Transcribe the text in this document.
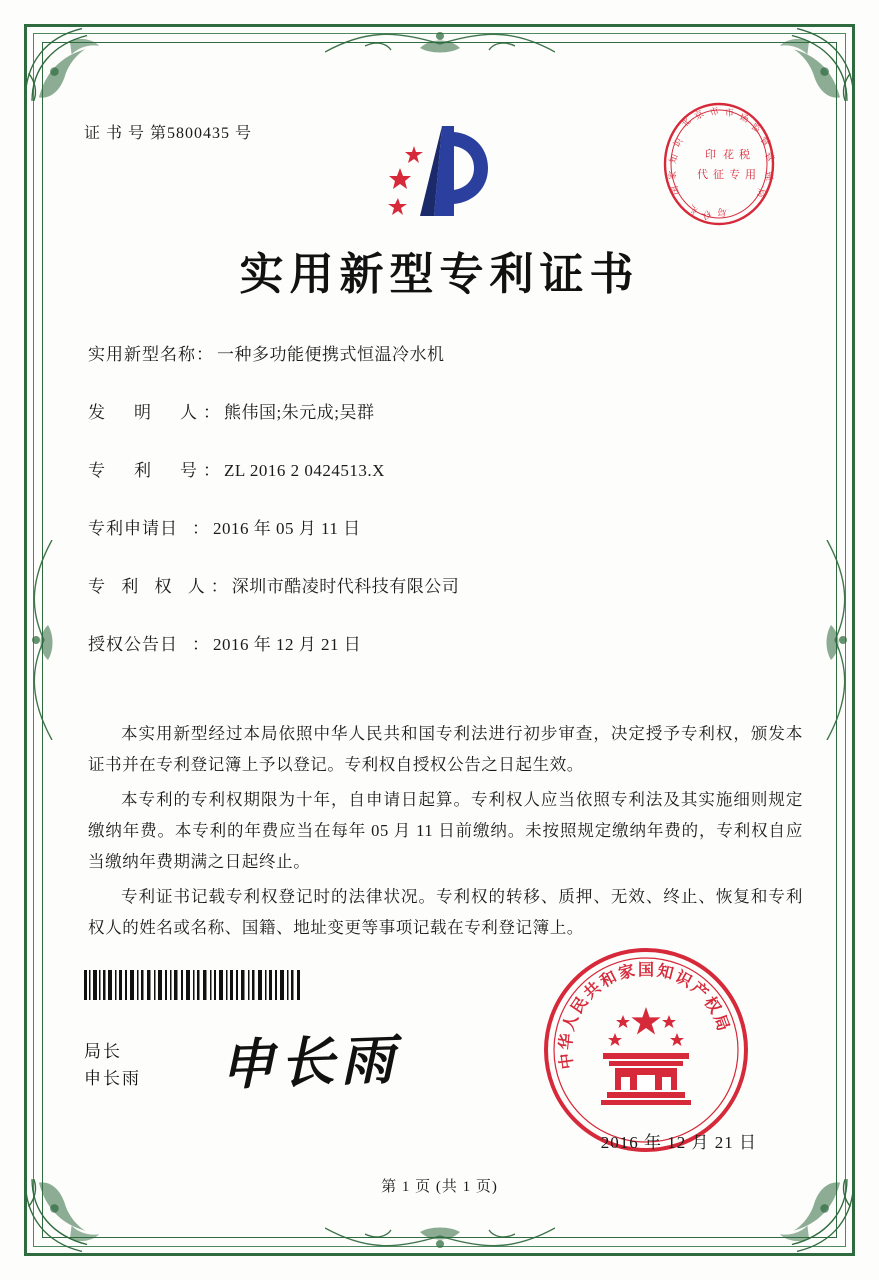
证 书 号 第5800435 号
北
京 市 市 场
监
督
管
理
局
国
家
知
识
产 权 局
印 花 税
代 征 专 用
实用新型专利证书
实用新型名称： 一种多功能便携式恒温冷水机
发　明　人： 熊伟国;朱元成;吴群
专　利　号： ZL 2016 2 0424513.X
专利申请日 ： 2016 年 05 月 11 日
专 利 权 人： 深圳市酷凌时代科技有限公司
授权公告日 ： 2016 年 12 月 21 日

本实用新型经过本局依照中华人民共和国专利法进行初步审查，决定授予专利权，颁发本证书并在专利登记簿上予以登记。专利权自授权公告之日起生效。

本专利的专利权期限为十年，自申请日起算。专利权人应当依照专利法及其实施细则规定缴纳年费。本专利的年费应当在每年 05 月 11 日前缴纳。未按照规定缴纳年费的，专利权自应当缴纳年费期满之日起终止。

专利证书记载专利权登记时的法律状况。专利权的转移、质押、无效、终止、恢复和专利权人的姓名或名称、国籍、地址变更等事项记载在专利登记簿上。

局长
申长雨 申长雨
国
家
和
共
民
人
华
中
知
识
产
权
局
2016 年 12 月 21 日
第 1 页 (共 1 页)
